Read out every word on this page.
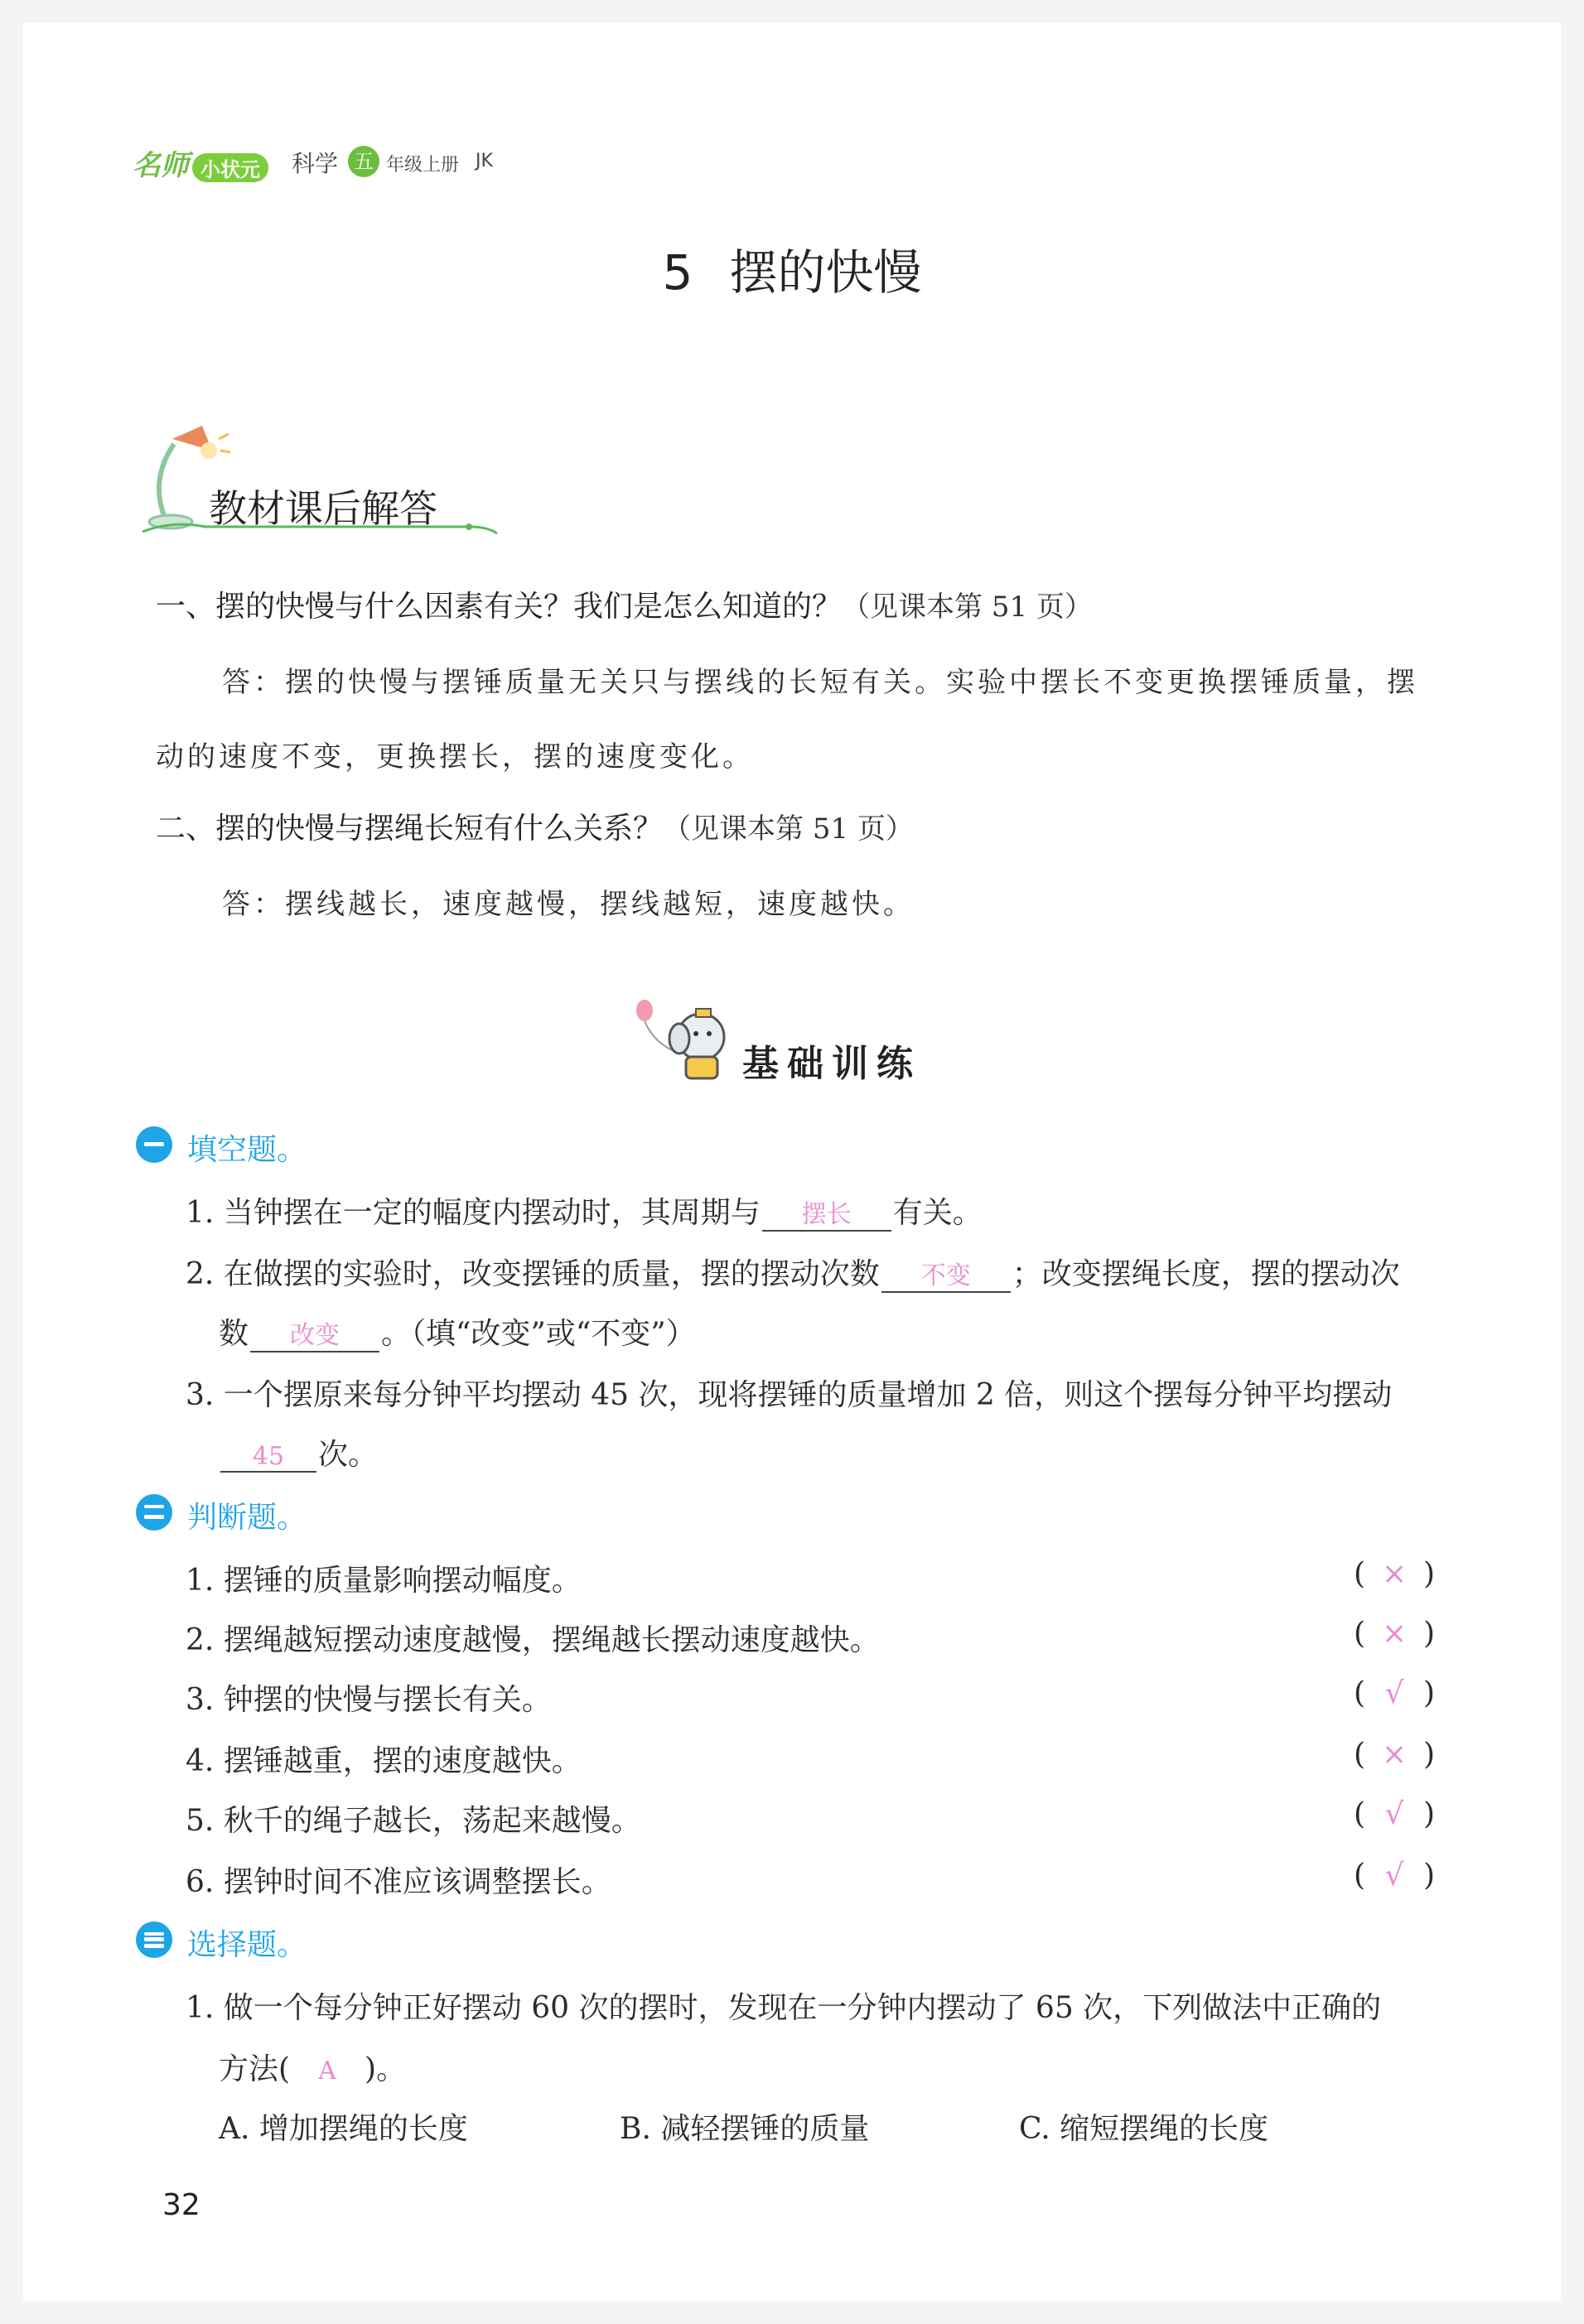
名师 小状元	科学 五 年级上册 JK
5 摆的快慢
教材课后解答
一、摆的快慢与什么因素有关？我们是怎么知道的？（见课本第 51 页）
答：摆的快慢与摆锤质量无关只与摆线的长短有关。实验中摆长不变更换摆锤质量，摆
动的速度不变，更换摆长，摆的速度变化。
二、摆的快慢与摆绳长短有什么关系？（见课本第 51 页）
答：摆线越长，速度越慢，摆线越短，速度越快。
基础训练
填空题。
1. 当钟摆在一定的幅度内摆动时，其周期与 摆长 有关。
2. 在做摆的实验时，改变摆锤的质量，摆的摆动次数 不变 ；改变摆绳长度，摆的摆动次
数 改变 。（填“改变”或“不变”）
3. 一个摆原来每分钟平均摆动 45 次，现将摆锤的质量增加 2 倍，则这个摆每分钟平均摆动
45 次。
判断题。
1. 摆锤的质量影响摆动幅度。	( × )
2. 摆绳越短摆动速度越慢，摆绳越长摆动速度越快。	( × )
3. 钟摆的快慢与摆长有关。	( √ )
4. 摆锤越重，摆的速度越快。	( × )
5. 秋千的绳子越长，荡起来越慢。	( √ )
6. 摆钟时间不准应该调整摆长。	( √ )
选择题。
1. 做一个每分钟正好摆动 60 次的摆时，发现在一分钟内摆动了 65 次，下列做法中正确的
方法( A )。
A. 增加摆绳的长度	B. 减轻摆锤的质量	C. 缩短摆绳的长度
32
